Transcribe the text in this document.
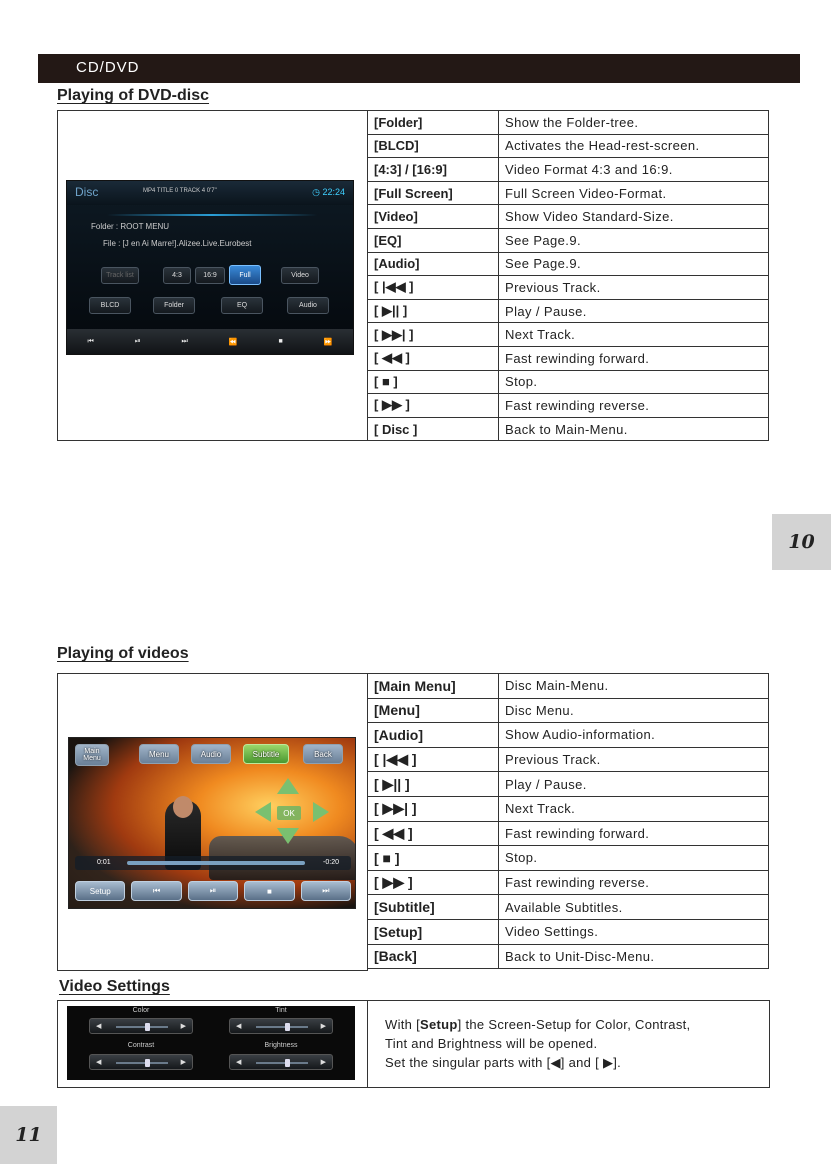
CD/DVD
Playing of DVD-disc
Disc	MP4 TITLE 0 TRACK 4 0'7"	◷ 22:24
Folder : ROOT MENU
File : [J en Ai Marre!].Alizee.Live.Eurobest
Track list	4:3	16:9	Full	Video
BLCD	Folder	EQ	Audio
⏮	⏯	⏭	⏪	■	⏩
[Folder]	Show the Folder-tree.
[BLCD]	Activates the Head-rest-screen.
[4:3] / [16:9]	Video Format 4:3 and 16:9.
[Full Screen]	Full Screen Video-Format.
[Video]	Show Video Standard-Size.
[EQ]	See Page.9.
[Audio]	See Page.9.
[ |◀◀ ]	Previous Track.
[ ▶|| ]	Play / Pause.
[ ▶▶| ]	Next Track.
[ ◀◀ ]	Fast rewinding forward.
[ ■ ]	Stop.
[ ▶▶ ]	Fast rewinding reverse.
[ Disc ]	Back to Main-Menu.
10
Playing of videos
Main Menu	Menu	Audio	Subtitle	Back
OK
0:01	-0:20
Setup	⏮	⏯	■	⏭
[Main Menu]	Disc Main-Menu.
[Menu]	Disc Menu.
[Audio]	Show Audio-information.
[ |◀◀ ]	Previous Track.
[ ▶|| ]	Play / Pause.
[ ▶▶| ]	Next Track.
[ ◀◀ ]	Fast rewinding forward.
[ ■ ]	Stop.
[ ▶▶ ]	Fast rewinding reverse.
[Subtitle]	Available Subtitles.
[Setup]	Video Settings.
[Back]	Back to Unit-Disc-Menu.
Video Settings
Color
◀	▶
Tint
◀	▶
Contrast
◀	▶
Brightness
◀	▶
With [Setup] the Screen-Setup for Color, Contrast,
Tint and Brightness will be opened.
Set the singular parts with [◀] and [ ▶].
11
